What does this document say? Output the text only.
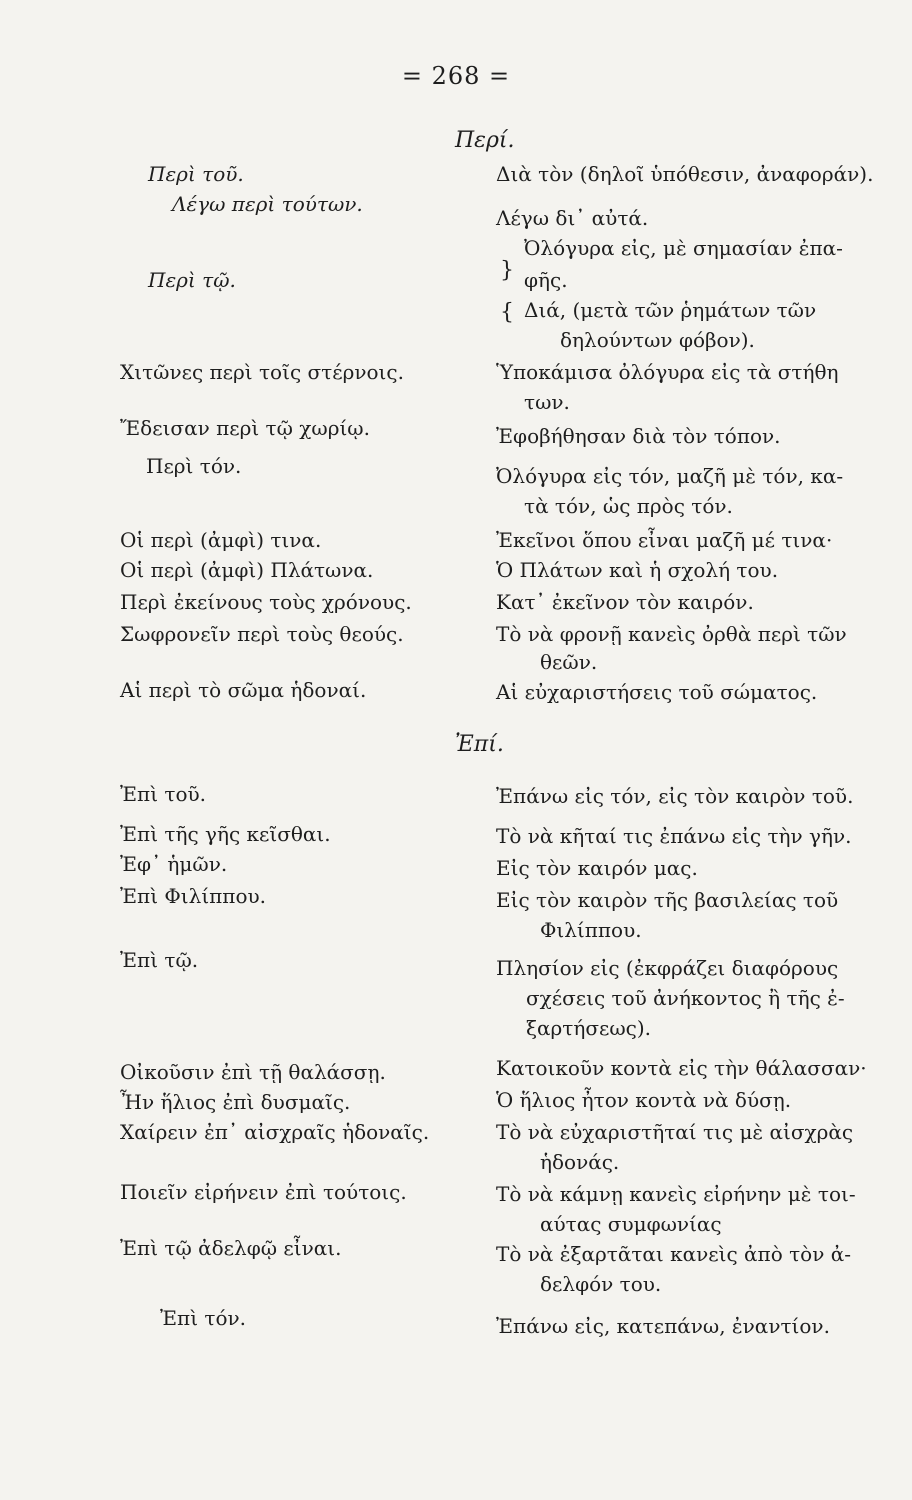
= 268 =
Περί.
Ἐπί.
Περὶ τοῦ.
Λέγω περὶ τούτων.
Περὶ τῷ.
Χιτῶνες περὶ τοῖς στέρνοις.
Ἔδεισαν περὶ τῷ χωρίῳ.
Περὶ τόν.
Οἱ περὶ (ἀμφὶ) τινα.
Οἱ περὶ (ἀμφὶ) Πλάτωνα.
Περὶ ἐκείνους τοὺς χρόνους.
Σωφρονεῖν περὶ τοὺς θεούς.
Αἱ περὶ τὸ σῶμα ἡδοναί.
Ἐπὶ τοῦ.
Ἐπὶ τῆς γῆς κεῖσθαι.
Ἐφ᾽ ἡμῶν.
Ἐπὶ Φιλίππου.
Ἐπὶ τῷ.
Οἰκοῦσιν ἐπὶ τῇ θαλάσσῃ.
Ἦν ἥλιος ἐπὶ δυσμαῖς.
Χαίρειν ἐπ᾽ αἰσχραῖς ἡδοναῖς.
Ποιεῖν εἰρήνειν ἐπὶ τούτοις.
Ἐπὶ τῷ ἀδελφῷ εἶναι.
Ἐπὶ τόν.
}
{
Διὰ τὸν (δηλοῖ ὑπόθεσιν, ἀναφοράν).
Λέγω δι᾽ αὐτά.
Ὀλόγυρα εἰς, μὲ σημασίαν ἐπα-
φῆς.
Διά, (μετὰ τῶν ῥημάτων τῶν
δηλούντων φόβον).
Ὑποκάμισα ὀλόγυρα εἰς τὰ στήθη
των.
Ἐφοβήθησαν διὰ τὸν τόπον.
Ὀλόγυρα εἰς τόν, μαζῆ μὲ τόν, κα-
τὰ τόν, ὡς πρὸς τόν.
Ἐκεῖνοι ὅπου εἶναι μαζῆ μέ τινα·
Ὁ Πλάτων καὶ ἡ σχολή του.
Κατ᾽ ἐκεῖνον τὸν καιρόν.
Τὸ νὰ φρονῇ κανεὶς ὀρθὰ περὶ τῶν
θεῶν.
Αἱ εὐχαριστήσεις τοῦ σώματος.
Ἐπάνω εἰς τόν, εἰς τὸν καιρὸν τοῦ.
Τὸ νὰ κῆταί τις ἐπάνω εἰς τὴν γῆν.
Εἰς τὸν καιρόν μας.
Εἰς τὸν καιρὸν τῆς βασιλείας τοῦ
Φιλίππου.
Πλησίον εἰς (ἐκφράζει διαφόρους
σχέσεις τοῦ ἀνήκοντος ἢ τῆς ἐ-
ξαρτήσεως).
Κατοικοῦν κοντὰ εἰς τὴν θάλασσαν·
Ὁ ἥλιος ἦτον κοντὰ νὰ δύσῃ.
Τὸ νὰ εὐχαριστῆταί τις μὲ αἰσχρὰς
ἡδονάς.
Τὸ νὰ κάμνῃ κανεὶς εἰρήνην μὲ τοι-
αύτας συμφωνίας
Τὸ νὰ ἐξαρτᾶται κανεὶς ἀπὸ τὸν ἀ-
δελφόν του.
Ἐπάνω εἰς, κατεπάνω, ἐναντίον.
